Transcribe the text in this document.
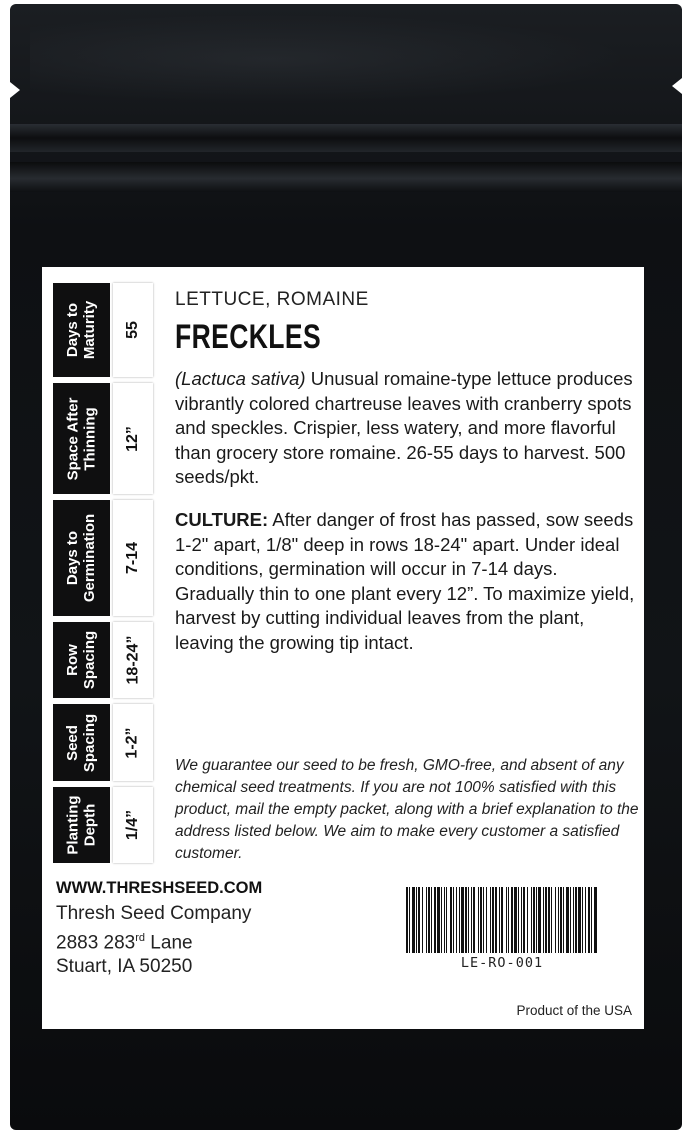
Days to
Maturity 55
Space After
Thinning 12”
Days to
Germination 7-14
Row
Spacing 18-24”
Seed
Spacing 1-2”
Planting
Depth 1/4”
LETTUCE, ROMAINE
FRECKLES
(Lactuca sativa) Unusual romaine-type lettuce produces vibrantly colored chartreuse leaves with cranberry spots and speckles. Crispier, less watery, and more flavorful than grocery store romaine. 26-55 days to harvest. 500 seeds/pkt.
CULTURE: After danger of frost has passed, sow seeds 1-2" apart, 1/8" deep in rows 18-24" apart. Under ideal conditions, germination will occur in 7-14 days. Gradually thin to one plant every 12”. To maximize yield, harvest by cutting individual leaves from the plant, leaving the growing tip intact.
We guarantee our seed to be fresh, GMO-free, and absent of any chemical seed treatments. If you are not 100% satisfied with this product, mail the empty packet, along with a brief explanation to the address listed below. We aim to make every customer a satisfied customer.
WWW.THRESHSEED.COM
Thresh Seed Company
2883 283rd Lane
Stuart, IA 50250	LE-RO-001
Product of the USA
